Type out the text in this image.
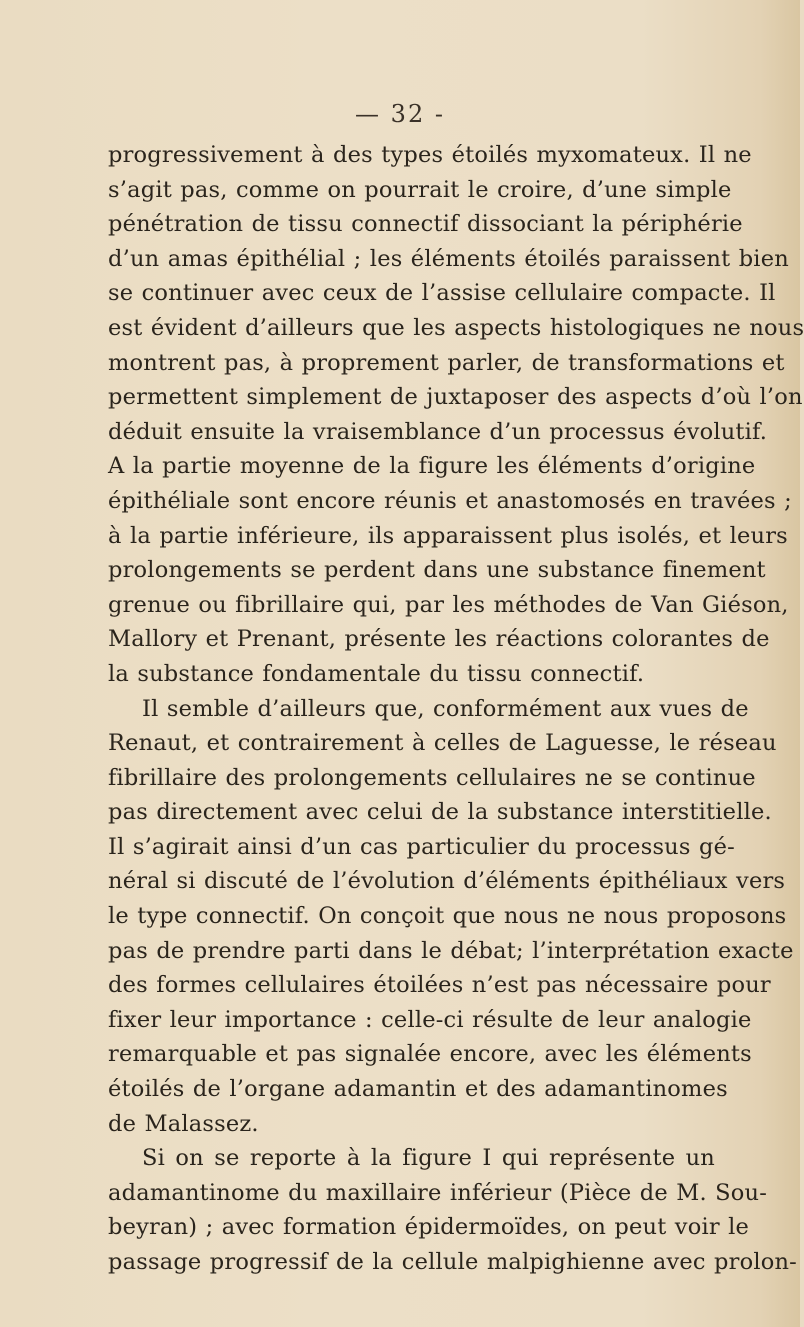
— 32 -
progressivement à des types étoilés myxomateux. Il ne
s’agit pas, comme on pourrait le croire, d’une simple
pénétration de tissu connectif dissociant la périphérie
d’un amas épithélial ; les éléments étoilés paraissent bien
se continuer avec ceux de l’assise cellulaire compacte. Il
est évident d’ailleurs que les aspects histologiques ne nous
montrent pas, à proprement parler, de transformations et
permettent simplement de juxtaposer des aspects d’où l’on
déduit ensuite la vraisemblance d’un processus évolutif.
A la partie moyenne de la figure les éléments d’origine
épithéliale sont encore réunis et anastomosés en travées ;
à la partie inférieure, ils apparaissent plus isolés, et leurs
prolongements se perdent dans une substance finement
grenue ou fibrillaire qui, par les méthodes de Van Giéson,
Mallory et Prenant, présente les réactions colorantes de
la substance fondamentale du tissu connectif.
Il semble d’ailleurs que, conformément aux vues de
Renaut, et contrairement à celles de Laguesse, le réseau
fibrillaire des prolongements cellulaires ne se continue
pas directement avec celui de la substance interstitielle.
Il s’agirait ainsi d’un cas particulier du processus gé-
néral si discuté de l’évolution d’éléments épithéliaux vers
le type connectif. On conçoit que nous ne nous proposons
pas de prendre parti dans le débat; l’interprétation exacte
des formes cellulaires étoilées n’est pas nécessaire pour
fixer leur importance : celle-ci résulte de leur analogie
remarquable et pas signalée encore, avec les éléments
étoilés de l’organe adamantin et des adamantinomes
de Malassez.
Si on se reporte à la figure I qui représente un
adamantinome du maxillaire inférieur (Pièce de M. Sou-
beyran) ; avec formation épidermoïdes, on peut voir le
passage progressif de la cellule malpighienne avec prolon-
